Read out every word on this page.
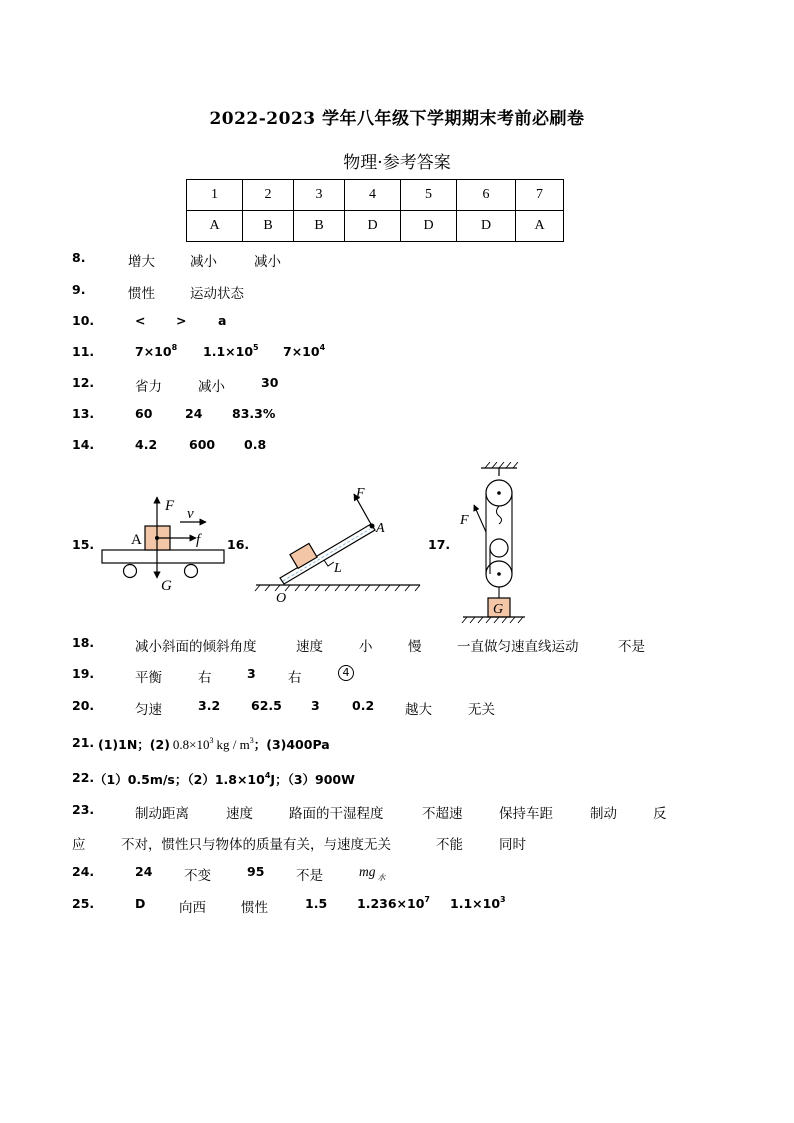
2022-2023 学年八年级下学期期末考前必刷卷
物理·参考答案
1	2	3	4	5	6	7
A	B	B	D	D	D	A
8.	增大	减小	减小
9.	惯性	运动状态
10.	< >	a
11.	$7\times 10^8$ $1.1\times 10^5$ $7\times 10^4$
12.	省力	减小	30
13.	60	24 83.3%
14.	4.2	600 0.8
15.	16.	17.
F v
f
A
G
F
A
L
O
F
G
18.	减小斜面的倾斜角度	速度	小	慢	一直做匀速直线运动	不是
19.	平衡	右	3 右	4
20.	匀速	3.2 62.5 3	0.2 越大	无关
21. (1)1N；(2) $0.8\times 10^3$ kg / $m^3$；(3)400Pa
22. （1）0.5m/s；$(2)1.8\times 10^4J$；（3）900W
23.	制动距离	速度	路面的干湿程度	不超速	保持车距	制动	反
应	不对，惯性只与物体的质量有关，与速度无关	不能	同时
24.	24 不变	95 不是	mg $_水$
25.	D 向西	惯性	1.5 $1.236\times 10^7$ $1.1\times 10^3$
